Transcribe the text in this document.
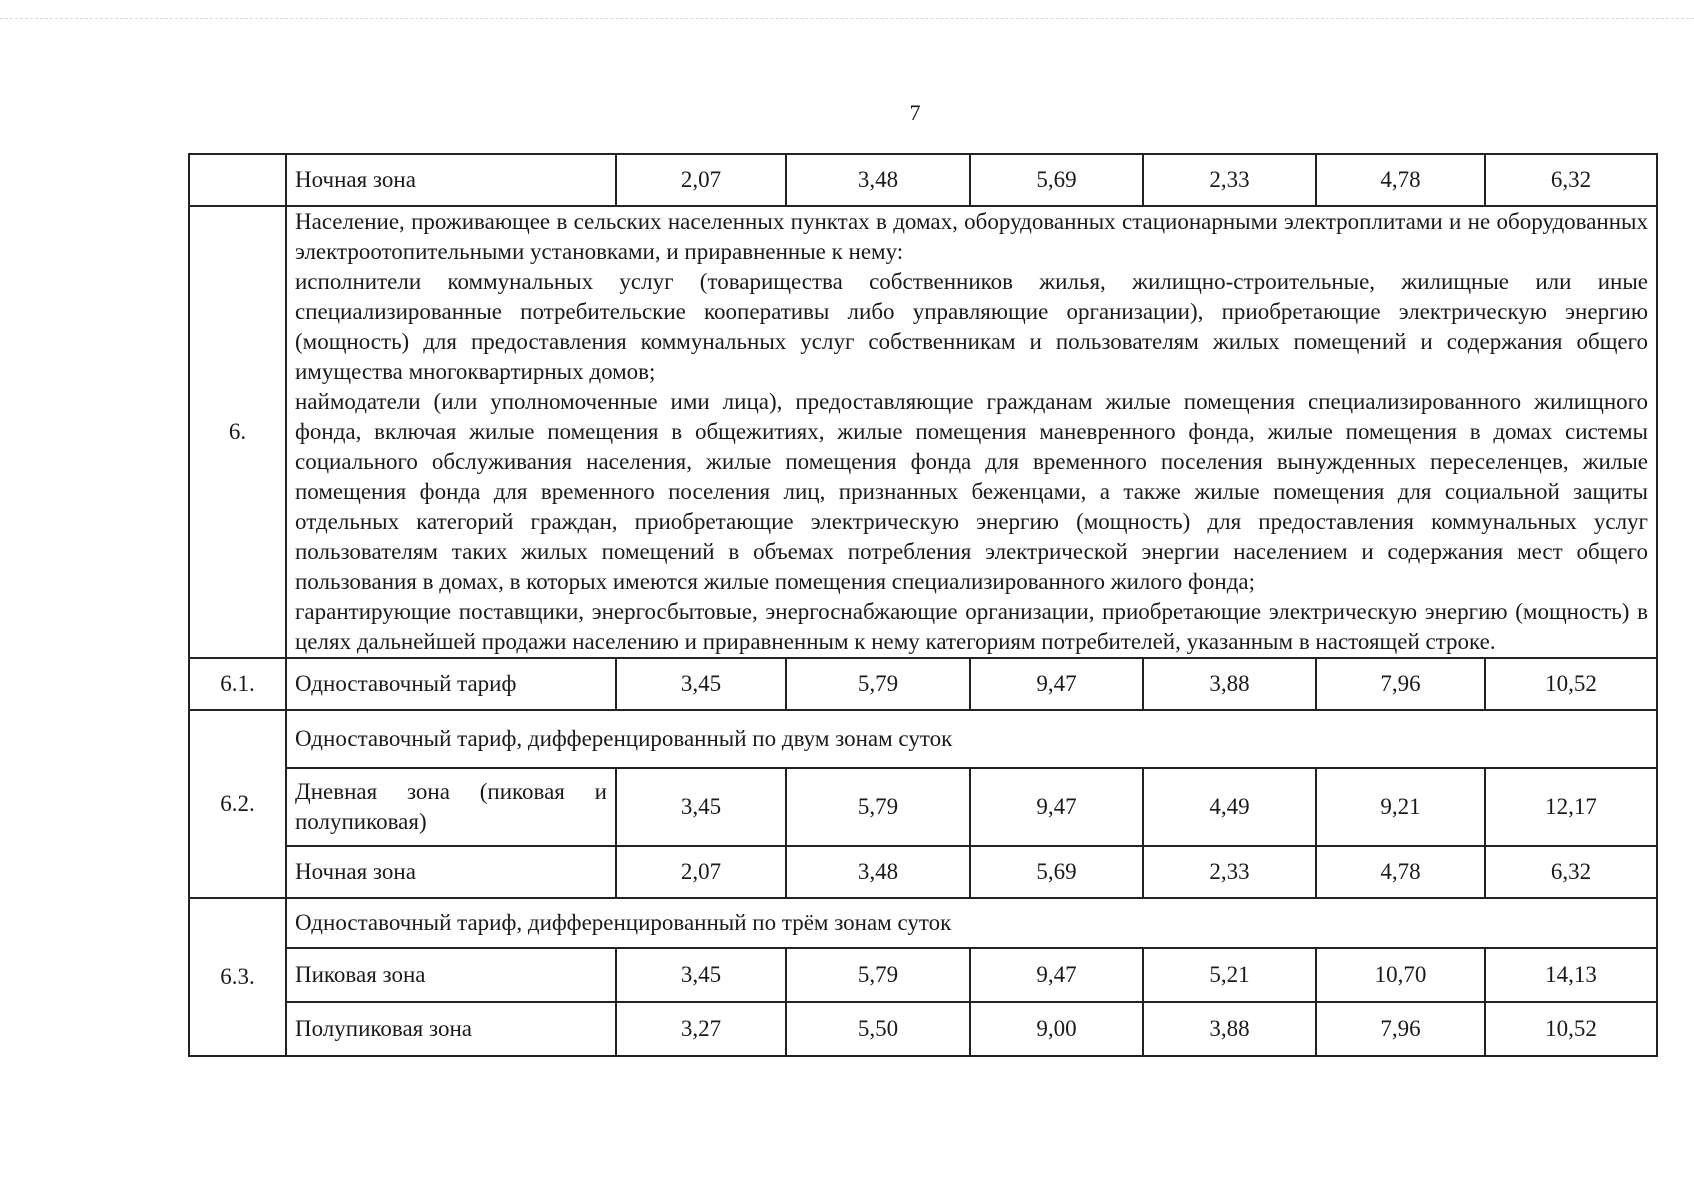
7
	Ночная зона	2,07	3,48	5,69	2,33	4,78	6,32
6.	Население, проживающее в сельских населенных пунктах в домах, оборудованных стационарными электроплитами и не оборудованных электроотопительными установками, и приравненные к нему:

исполнители коммунальных услуг (товарищества собственников жилья, жилищно-строительные, жилищные или иные специализированные потребительские кооперативы либо управляющие организации), приобретающие электрическую энергию (мощность) для предоставления коммунальных услуг собственникам и пользователям жилых помещений и содержания общего имущества многоквартирных домов;

наймодатели (или уполномоченные ими лица), предоставляющие гражданам жилые помещения специализированного жилищного фонда, включая жилые помещения в общежитиях, жилые помещения маневренного фонда, жилые помещения в домах системы социального обслуживания населения, жилые помещения фонда для временного поселения вынужденных переселенцев, жилые помещения фонда для временного поселения лиц, признанных беженцами, а также жилые помещения для социальной защиты отдельных категорий граждан, приобретающие электрическую энергию (мощность) для предоставления коммунальных услуг пользователям таких жилых помещений в объемах потребления электрической энергии населением и содержания мест общего пользования в домах, в которых имеются жилые помещения специализированного жилого фонда;

гарантирующие поставщики, энергосбытовые, энергоснабжающие организации, приобретающие электрическую энергию (мощность) в целях дальнейшей продажи населению и приравненным к нему категориям потребителей, указанным в настоящей строке.						

6.1.	Одноставочный тариф	3,45	5,79	9,47	3,88	7,96	10,52
6.2.	Одноставочный тариф, дифференцированный по двум зонам суток						
	Дневная зона (пиковая и полупиковая)	3,45	5,79	9,47	4,49	9,21	12,17
	Ночная зона	2,07	3,48	5,69	2,33	4,78	6,32
6.3.	Одноставочный тариф, дифференцированный по трём зонам суток						
	Пиковая зона	3,45	5,79	9,47	5,21	10,70	14,13
	Полупиковая зона	3,27	5,50	9,00	3,88	7,96	10,52
